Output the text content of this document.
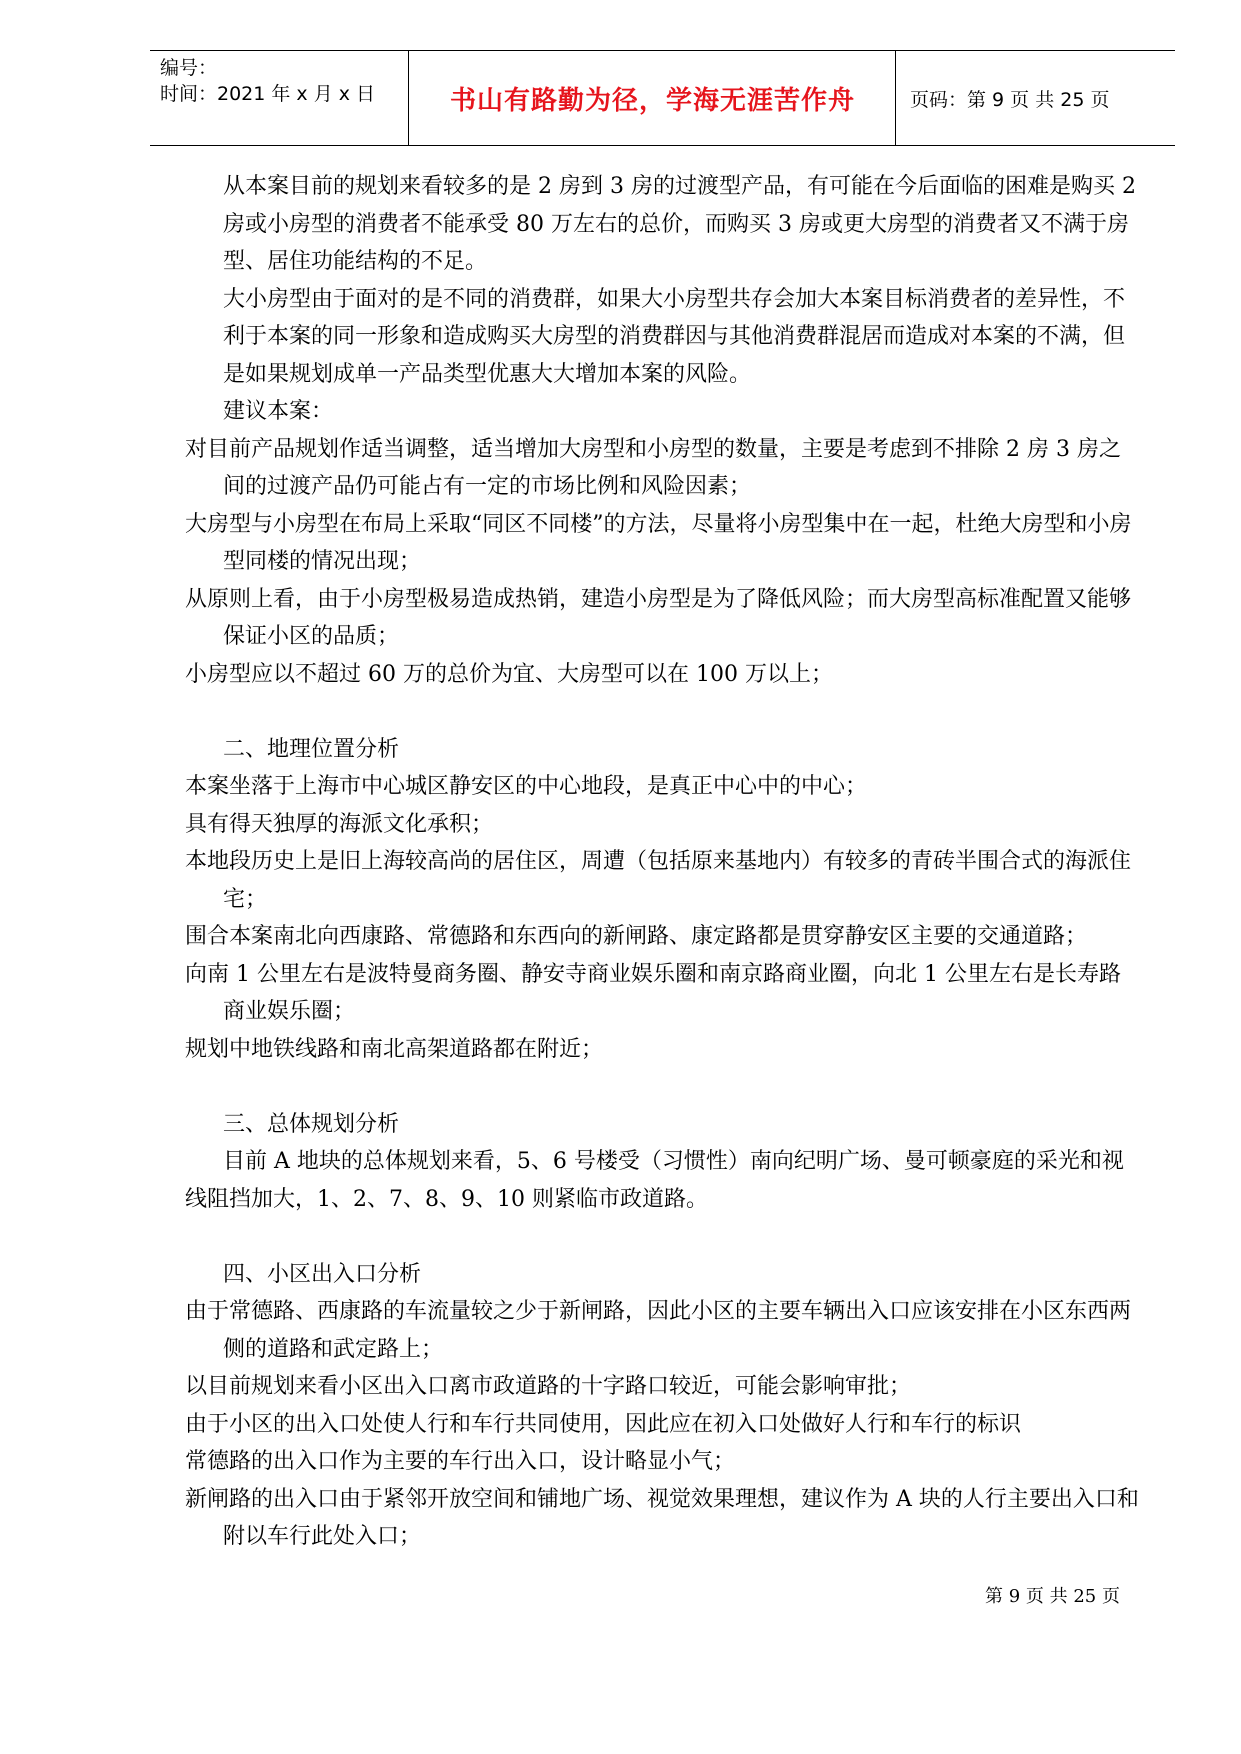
编号：
时间：2021 年 x 月 x 日	书山有路勤为径，学海无涯苦作舟	页码：第 9 页 共 25 页

从本案目前的规划来看较多的是 2 房到 3 房的过渡型产品，有可能在今后面临的困难是购买 2 房或小房型的消费者不能承受 80 万左右的总价，而购买 3 房或更大房型的消费者又不满于房型、居住功能结构的不足。

大小房型由于面对的是不同的消费群，如果大小房型共存会加大本案目标消费者的差异性，不利于本案的同一形象和造成购买大房型的消费群因与其他消费群混居而造成对本案的不满，但是如果规划成单一产品类型优惠大大增加本案的风险。

建议本案：

对目前产品规划作适当调整，适当增加大房型和小房型的数量，主要是考虑到不排除 2 房 3 房之间的过渡产品仍可能占有一定的市场比例和风险因素；

大房型与小房型在布局上采取“同区不同楼”的方法，尽量将小房型集中在一起，杜绝大房型和小房型同楼的情况出现；

从原则上看，由于小房型极易造成热销，建造小房型是为了降低风险；而大房型高标准配置又能够保证小区的品质；

小房型应以不超过 60 万的总价为宜、大房型可以在 100 万以上；

二、地理位置分析

本案坐落于上海市中心城区静安区的中心地段，是真正中心中的中心；

具有得天独厚的海派文化承积；

本地段历史上是旧上海较高尚的居住区，周遭（包括原来基地内）有较多的青砖半围合式的海派住宅；

围合本案南北向西康路、常德路和东西向的新闸路、康定路都是贯穿静安区主要的交通道路；

向南 1 公里左右是波特曼商务圈、静安寺商业娱乐圈和南京路商业圈，向北 1 公里左右是长寿路商业娱乐圈；

规划中地铁线路和南北高架道路都在附近；

三、总体规划分析

目前 A 地块的总体规划来看，5、6 号楼受（习惯性）南向纪明广场、曼可顿豪庭的采光和视线阻挡加大，1、2、7、8、9、10 则紧临市政道路。

四、小区出入口分析

由于常德路、西康路的车流量较之少于新闸路，因此小区的主要车辆出入口应该安排在小区东西两侧的道路和武定路上；

以目前规划来看小区出入口离市政道路的十字路口较近，可能会影响审批；

由于小区的出入口处使人行和车行共同使用，因此应在初入口处做好人行和车行的标识

常德路的出入口作为主要的车行出入口，设计略显小气；

新闸路的出入口由于紧邻开放空间和铺地广场、视觉效果理想，建议作为 A 块的人行主要出入口和附以车行此处入口；

第 9 页 共 25 页
